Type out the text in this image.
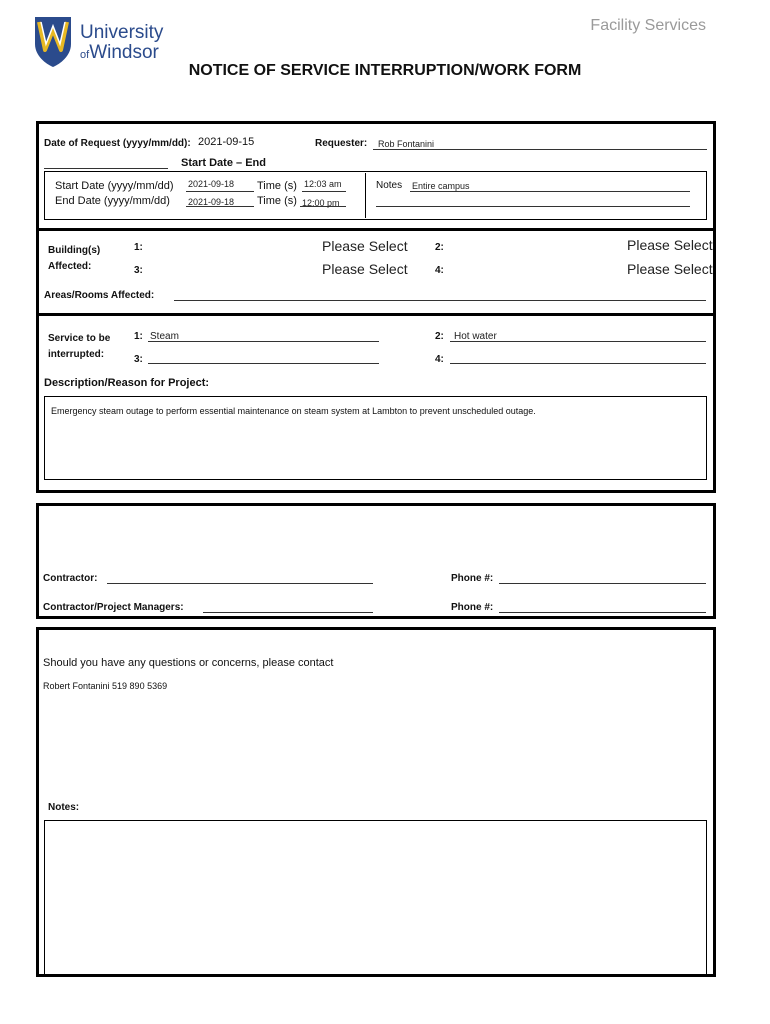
University
ofWindsor
Facility Services
NOTICE OF SERVICE INTERRUPTION/WORK FORM
Date of Request (yyyy/mm/dd): 2021-09-15	Requester: Rob Fontanini
Start Date – End
Start Date (yyyy/mm/dd) 2021-09-18 Time (s) 12:03 am
End Date (yyyy/mm/dd) 2021-09-18 Time (s) 12:00 pm
Notes Entire campus
Building(s)
Affected:
1:	Please Select	2:	Please Select
3:	Please Select	4:	Please Select
Areas/Rooms Affected:
Service to be
interrupted:
1: Steam	2: Hot water
3:	4:
Description/Reason for Project:
Emergency steam outage to perform essential maintenance on steam system at Lambton to prevent unscheduled outage.
Contractor:	Phone #:
Contractor/Project Managers:	Phone #:
Should you have any questions or concerns, please contact
Robert Fontanini 519 890 5369
Notes:
